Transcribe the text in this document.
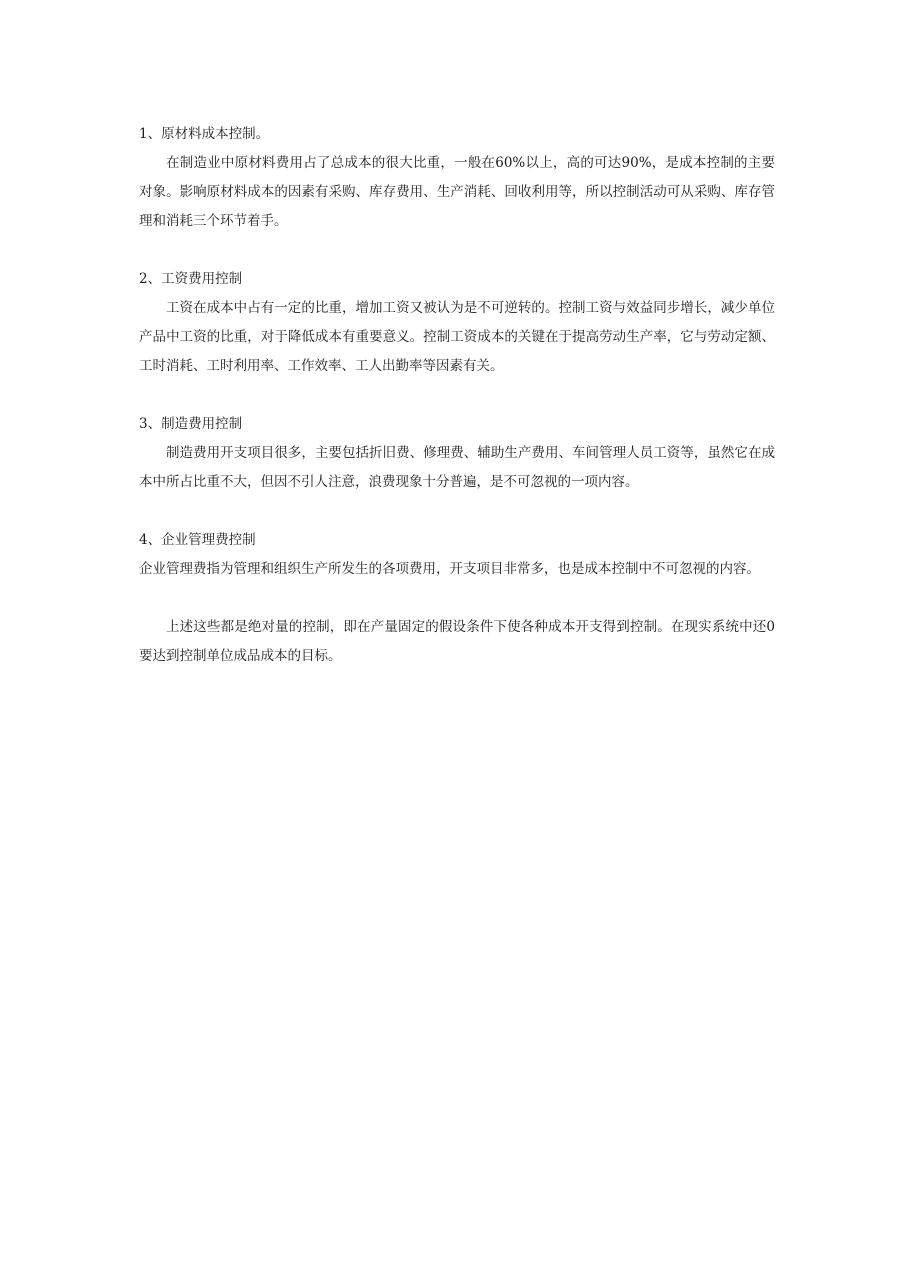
1、原材料成本控制。

在制造业中原材料费用占了总成本的很大比重，一般在60%以上，高的可达90%，是成本控制的主要对象。影响原材料成本的因素有采购、库存费用、生产消耗、回收利用等，所以控制活动可从采购、库存管理和消耗三个环节着手。

2、工资费用控制

工资在成本中占有一定的比重，增加工资又被认为是不可逆转的。控制工资与效益同步增长，减少单位产品中工资的比重，对于降低成本有重要意义。控制工资成本的关键在于提高劳动生产率，它与劳动定额、工时消耗、工时利用率、工作效率、工人出勤率等因素有关。

3、制造费用控制

制造费用开支项目很多，主要包括折旧费、修理费、辅助生产费用、车间管理人员工资等，虽然它在成本中所占比重不大，但因不引人注意，浪费现象十分普遍，是不可忽视的一项内容。

4、企业管理费控制

企业管理费指为管理和组织生产所发生的各项费用，开支项目非常多，也是成本控制中不可忽视的内容。

上述这些都是绝对量的控制，即在产量固定的假设条件下使各种成本开支得到控制。在现实系统中还0要达到控制单位成品成本的目标。
